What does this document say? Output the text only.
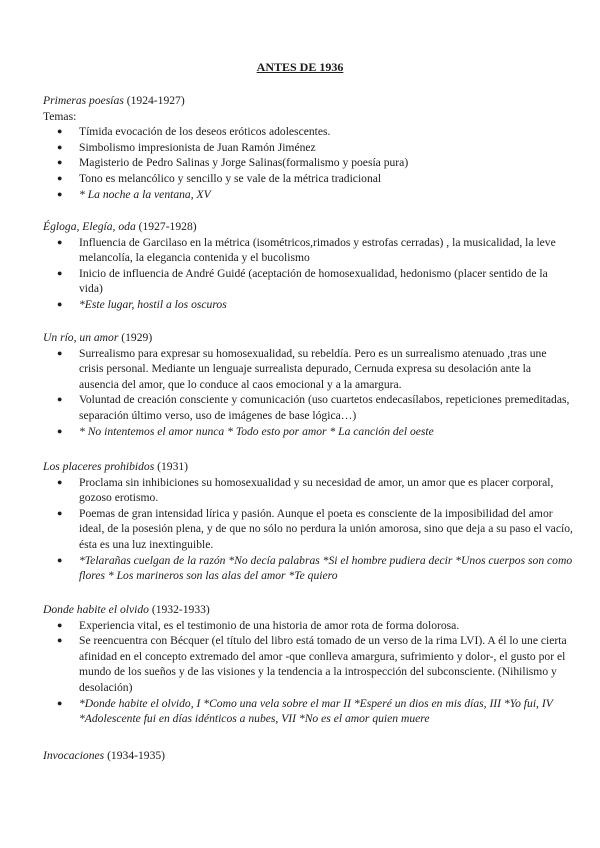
ANTES DE 1936

Primeras poesías (1924-1927)

Temas:

● Tímida evocación de los deseos eróticos adolescentes.
● Simbolismo impresionista de Juan Ramón Jiménez
● Magisterio de Pedro Salinas y Jorge Salinas(formalismo y poesía pura)
● Tono es melancólico y sencillo y se vale de la métrica tradicional
● * La noche a la ventana, XV

Égloga, Elegía, oda (1927-1928)

● Influencia de Garcilaso en la métrica (isométricos,rimados y estrofas cerradas) , la musicalidad, la leve melancolía, la elegancia contenida y el bucolismo
● Inicio de influencia de André Guidé (aceptación de homosexualidad, hedonismo (placer sentido de la vida)
● *Este lugar, hostil a los oscuros

Un río, un amor (1929)

● Surrealismo para expresar su homosexualidad, su rebeldía. Pero es un surrealismo atenuado ,tras une crisis personal. Mediante un lenguaje surrealista depurado, Cernuda expresa su desolación ante la ausencia del amor, que lo conduce al caos emocional y a la amargura.
● Voluntad de creación consciente y comunicación (uso cuartetos endecasílabos, repeticiones premeditadas, separación último verso, uso de imágenes de base lógica…)
● * No intentemos el amor nunca * Todo esto por amor * La canción del oeste

Los placeres prohibidos (1931)

● Proclama sin inhibiciones su homosexualidad y su necesidad de amor, un amor que es placer corporal, gozoso erotismo.
● Poemas de gran intensidad lírica y pasión. Aunque el poeta es consciente de la imposibilidad del amor ideal, de la posesión plena, y de que no sólo no perdura la unión amorosa, sino que deja a su paso el vacío, ésta es una luz inextinguible.
● *Telarañas cuelgan de la razón *No decía palabras *Si el hombre pudiera decir *Unos cuerpos son como flores * Los marineros son las alas del amor *Te quiero

Donde habite el olvido (1932-1933)

● Experiencia vital, es el testimonio de una historia de amor rota de forma dolorosa.
● Se reencuentra con Bécquer (el título del libro está tomado de un verso de la rima LVI). A él lo une cierta afinidad en el concepto extremado del amor -que conlleva amargura, sufrimiento y dolor-, el gusto por el mundo de los sueños y de las visiones y la tendencia a la introspección del subconsciente. (Nihilismo y desolación)
● *Donde habite el olvido, I *Como una vela sobre el mar II *Esperé un dios en mis días, III *Yo fui, IV *Adolescente fui en días idénticos a nubes, VII *No es el amor quien muere

Invocaciones (1934-1935)
